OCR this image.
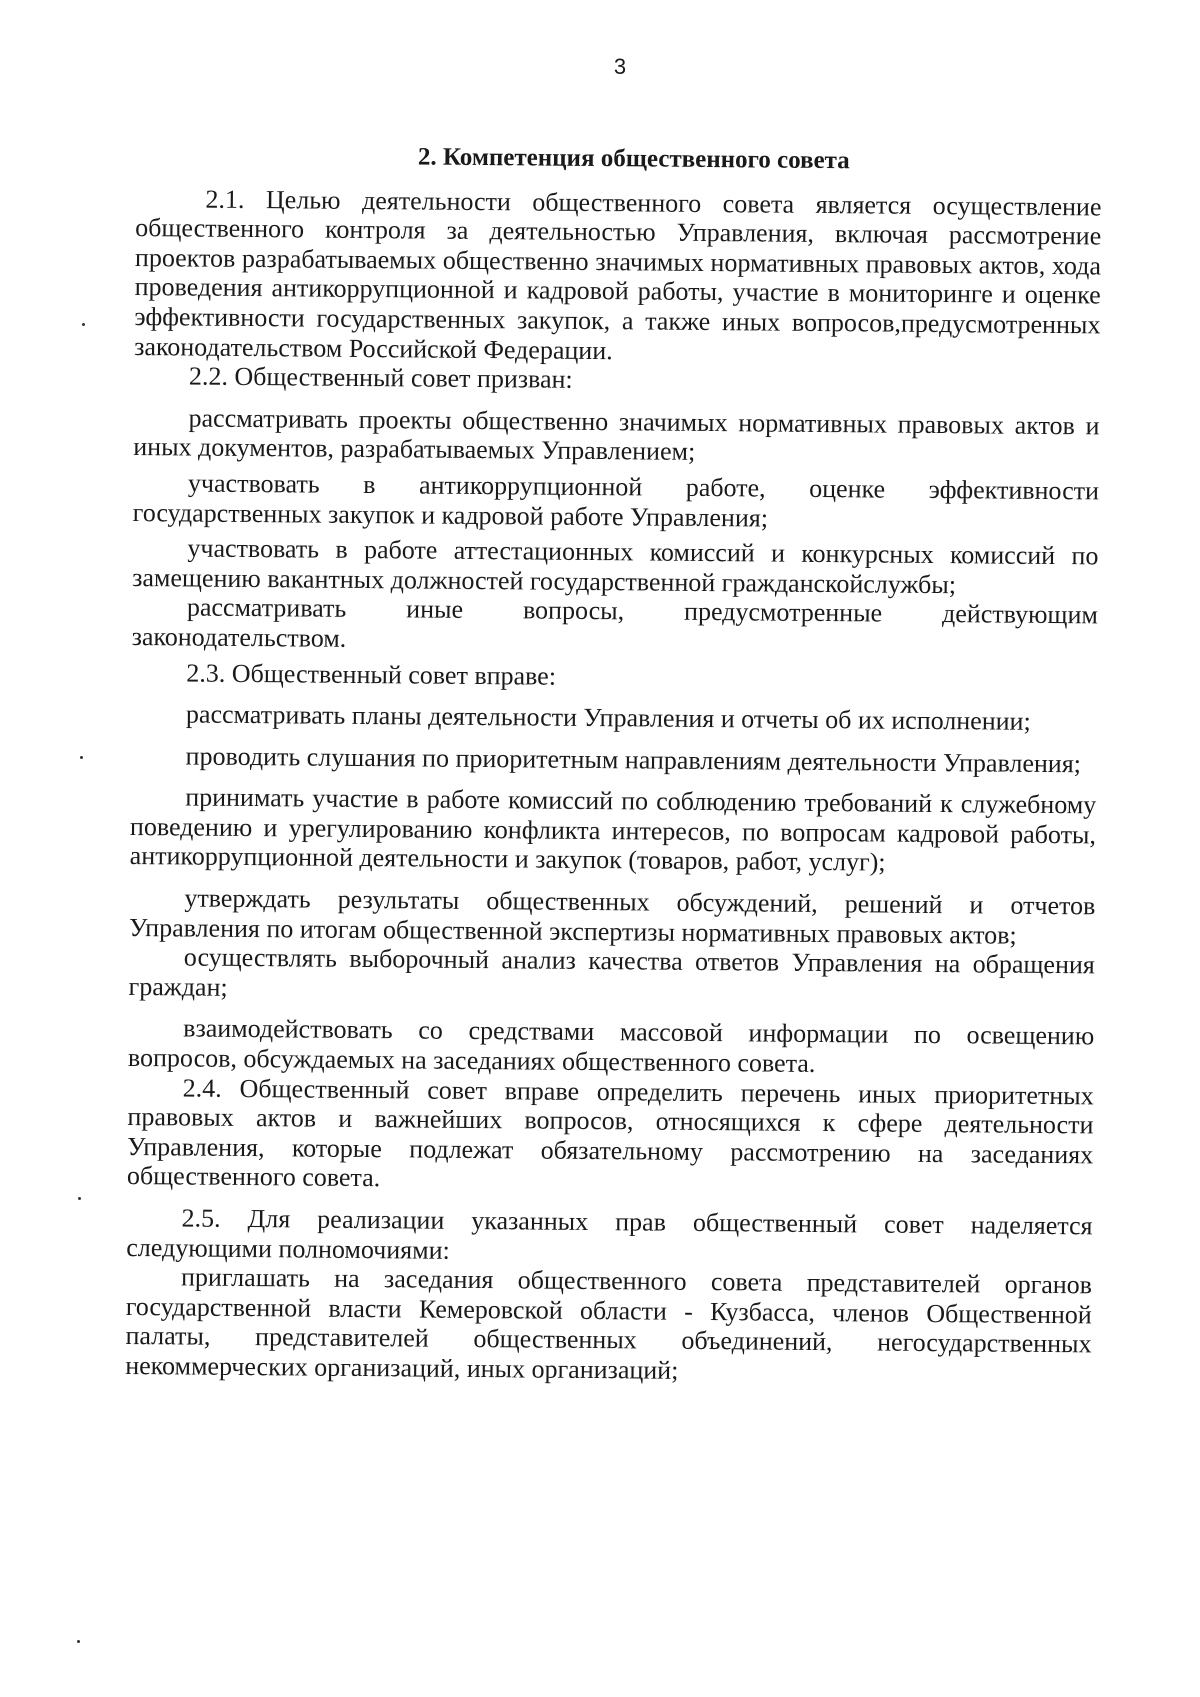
3
2. Компетенция общественного совета

2.1. Целью деятельности общественного совета является осуществление общественного контроля за деятельностью Управления, включая рассмотрение проектов разрабатываемых общественно значимых нормативных правовых актов, хода проведения антикоррупционной и кадровой работы, участие в мониторинге и оценке эффективности государственных закупок, а также иных вопросов,предусмотренных законодательством Российской Федерации.

2.2. Общественный совет призван:

рассматривать проекты общественно значимых нормативных правовых актов и иных документов, разрабатываемых Управлением;

участвовать в антикоррупционной работе, оценке эффективности государственных закупок и кадровой работе Управления;

участвовать в работе аттестационных комиссий и конкурсных комиссий по замещению вакантных должностей государственной гражданскойслужбы;

рассматривать иные вопросы, предусмотренные действующим законодательством.

2.3. Общественный совет вправе:

рассматривать планы деятельности Управления и отчеты об их исполнении;

проводить слушания по приоритетным направлениям деятельности Управления;

принимать участие в работе комиссий по соблюдению требований к служебному поведению и урегулированию конфликта интересов, по вопросам кадровой работы, антикоррупционной деятельности и закупок (товаров, работ, услуг);

утверждать результаты общественных обсуждений, решений и отчетов Управления по итогам общественной экспертизы нормативных правовых актов;

осуществлять выборочный анализ качества ответов Управления на обращения граждан;

взаимодействовать со средствами массовой информации по освещению вопросов, обсуждаемых на заседаниях общественного совета.

2.4. Общественный совет вправе определить перечень иных приоритетных правовых актов и важнейших вопросов, относящихся к сфере деятельности Управления, которые подлежат обязательному рассмотрению на заседаниях общественного совета.

2.5. Для реализации указанных прав общественный совет наделяется следующими полномочиями:

приглашать на заседания общественного совета представителей органов государственной власти Кемеровской области - Кузбасса, членов Общественной палаты, представителей общественных объединений, негосударственных некоммерческих организаций, иных организаций;
